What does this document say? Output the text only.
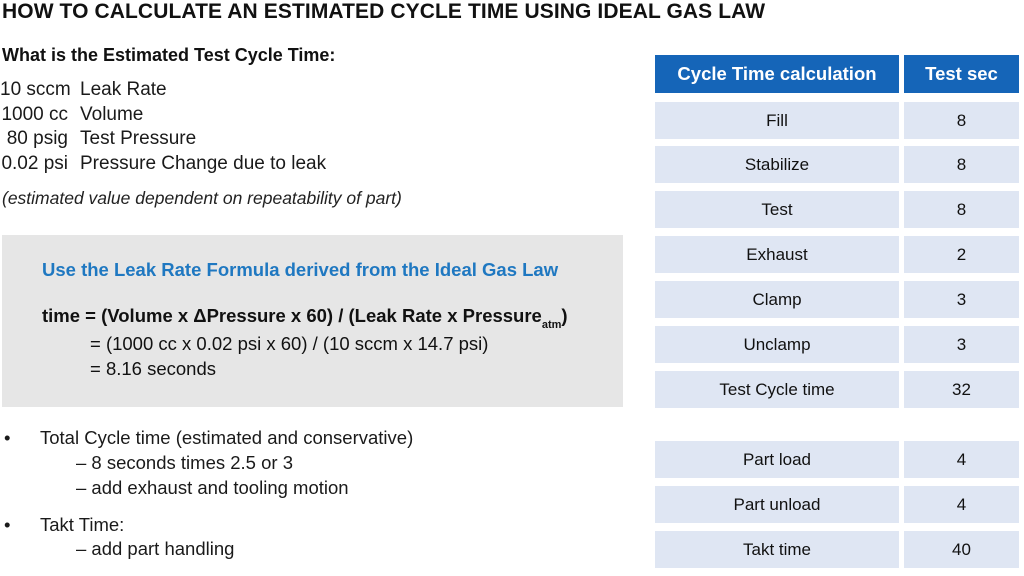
HOW TO CALCULATE AN ESTIMATED CYCLE TIME USING IDEAL GAS LAW
What is the Estimated Test Cycle Time:
10 sccm Leak Rate
1000 cc Volume
80 psig Test Pressure
0.02 psi Pressure Change due to leak
(estimated value dependent on repeatability of part)
Use the Leak Rate Formula derived from the Ideal Gas Law
time = (Volume x ΔPressure x 60) / (Leak Rate x Pressure$_{atm}$)
= (1000 cc x 0.02 psi x 60) / (10 sccm x 14.7 psi)
= 8.16 seconds
• Total Cycle time (estimated and conservative)
– 8 seconds times 2.5 or 3
– add exhaust and tooling motion
• Takt Time:
– add part handling
Cycle Time calculation	Test sec
Fill	8
Stabilize	8
Test	8
Exhaust	2
Clamp	3
Unclamp	3
Test Cycle time	32
Part load	4
Part unload	4
Takt time	40
